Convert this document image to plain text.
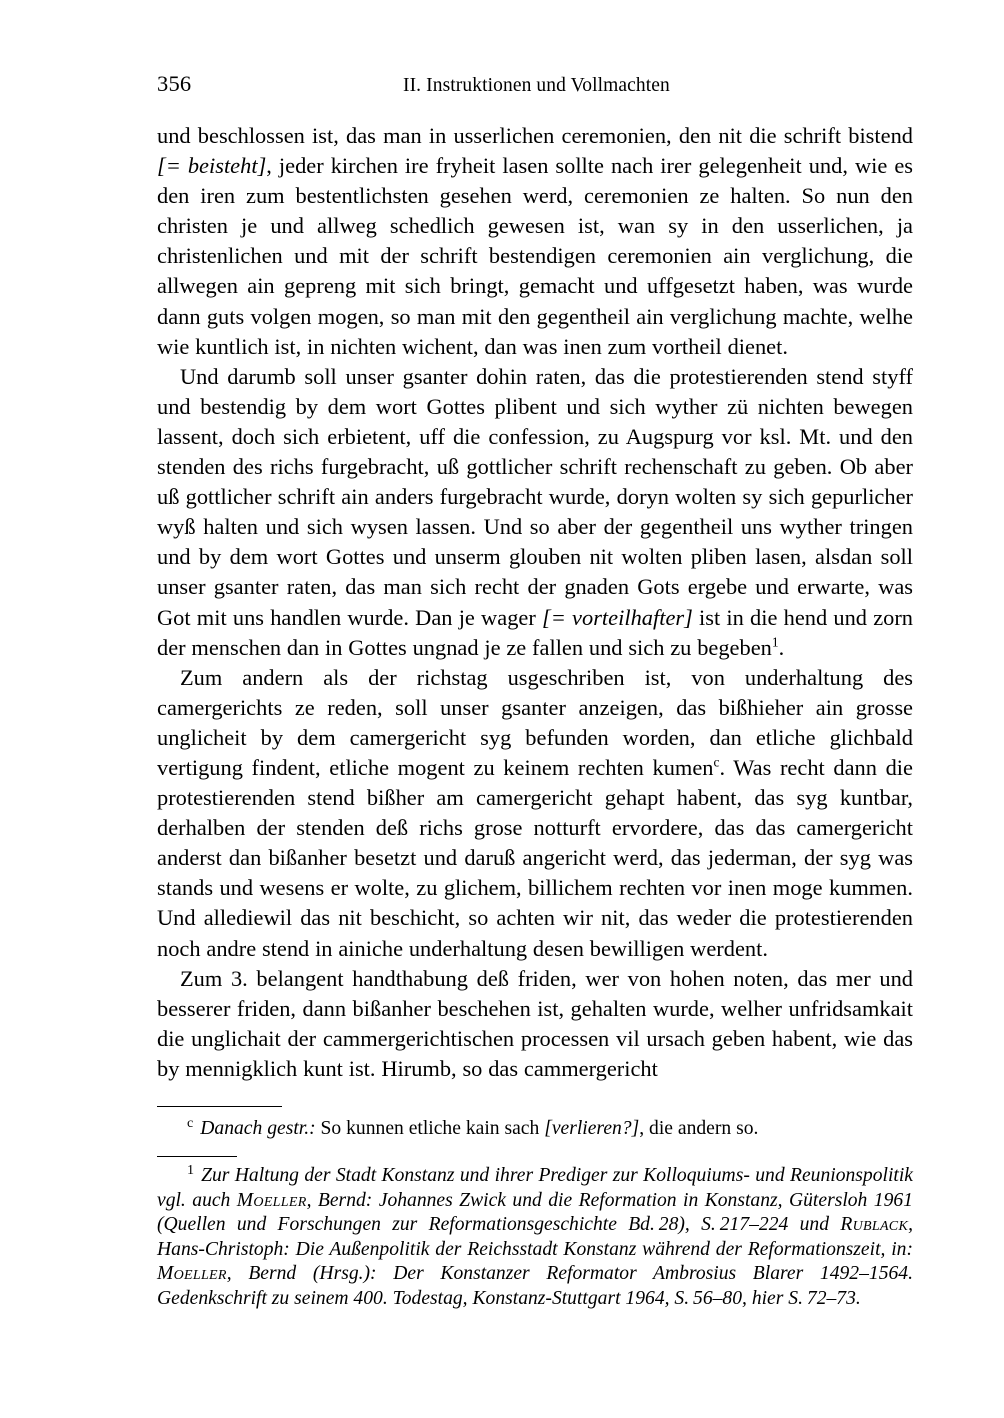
356	II. Instruktionen und Vollmachten

und beschlossen ist, das man in usserlichen ceremonien, den nit die schrift bistend [= beisteht], jeder kirchen ire fryheit lasen sollte nach irer gelegenheit und, wie es den iren zum bestentlichsten gesehen werd, ceremonien ze halten. So nun den christen je und allweg schedlich gewesen ist, wan sy in den usserlichen, ja christenlichen und mit der schrift bestendigen ceremonien ain verglichung, die allwegen ain gepreng mit sich bringt, gemacht und uffgesetzt haben, was wurde dann guts volgen mogen, so man mit den gegentheil ain verglichung machte, welhe wie kuntlich ist, in nichten wichent, dan was inen zum vortheil dienet.

Und darumb soll unser gsanter dohin raten, das die protestierenden stend styff und bestendig by dem wort Gottes plibent und sich wyther zü nichten bewegen lassent, doch sich erbietent, uff die confession, zu Augspurg vor ksl. Mt. und den stenden des richs furgebracht, uß gottlicher schrift rechenschaft zu geben. Ob aber uß gottlicher schrift ain anders furgebracht wurde, doryn wolten sy sich gepurlicher wyß halten und sich wysen lassen. Und so aber der gegentheil uns wyther tringen und by dem wort Gottes und unserm glouben nit wolten pliben lasen, alsdan soll unser gsanter raten, das man sich recht der gnaden Gots ergebe und erwarte, was Got mit uns handlen wurde. Dan je wager [= vorteilhafter] ist in die hend und zorn der menschen dan in Gottes ungnad je ze fallen und sich zu begeben$^1$.

Zum andern als der richstag usgeschriben ist, von underhaltung des camergerichts ze reden, soll unser gsanter anzeigen, das bißhieher ain grosse unglicheit by dem camergericht syg befunden worden, dan etliche glichbald vertigung findent, etliche mogent zu keinem rechten kumen$^c$. Was recht dann die protestierenden stend bißher am camergericht gehapt habent, das syg kuntbar, derhalben der stenden deß richs grose notturft ervordere, das das camergericht anderst dan bißanher besetzt und daruß angericht werd, das jederman, der syg was stands und wesens er wolte, zu glichem, billichem rechten vor inen moge kummen. Und allediewil das nit beschicht, so achten wir nit, das weder die protestierenden noch andre stend in ainiche underhaltung desen bewilligen werdent.

Zum 3. belangent handthabung deß friden, wer von hohen noten, das mer und besserer friden, dann bißanher beschehen ist, gehalten wurde, welher unfridsamkait die unglichait der cammergerichtischen processen vil ursach geben habent, wie das by mennigklich kunt ist. Hirumb, so das cammergericht

$^c$ Danach gestr.: So kunnen etliche kain sach [verlieren?], die andern so.

$^1$ Zur Haltung der Stadt Konstanz und ihrer Prediger zur Kolloquiums- und Reunionspolitik vgl. auch Moeller, Bernd: Johannes Zwick und die Reformation in Konstanz, Gütersloh 1961 (Quellen und Forschungen zur Reformationsgeschichte Bd. 28), S. 217–224 und Rublack, Hans-Christoph: Die Außenpolitik der Reichsstadt Konstanz während der Reformationszeit, in: Moeller, Bernd (Hrsg.): Der Konstanzer Reformator Ambrosius Blarer 1492–1564. Gedenkschrift zu seinem 400. Todestag, Konstanz-Stuttgart 1964, S. 56–80, hier S. 72–73.
